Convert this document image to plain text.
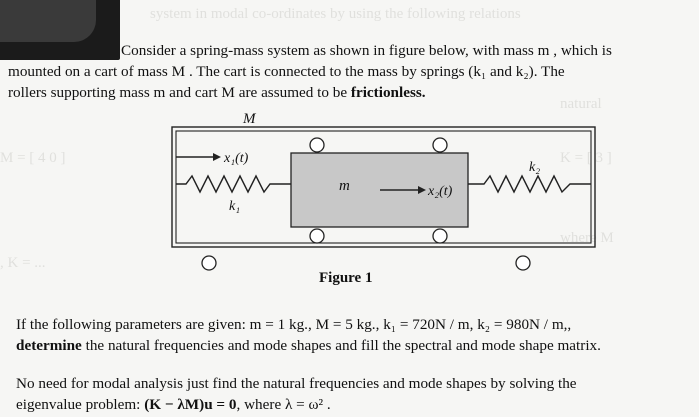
system in modal co-ordinates by using the following relations
natural
M = [ 4 0 ]	K = [ 3 ]
, K = ...
where M
Consider a spring-mass system as shown in figure below, with mass m , which is
mounted on a cart of mass M . The cart is connected to the mass by springs (k₁ and k₂). The
rollers supporting mass m and cart M are assumed to be frictionless.
M
m
k₁
k₂
x₁(t)
x₂(t)
Figure 1
If the following parameters are given: m = 1 kg., M = 5 kg., k₁ = 720N / m, k₂ = 980N / m,,
determine the natural frequencies and mode shapes and fill the spectral and mode shape matrix.
No need for modal analysis just find the natural frequencies and mode shapes by solving the
eigenvalue problem: (K − λM)u = 0, where λ = ω² .
